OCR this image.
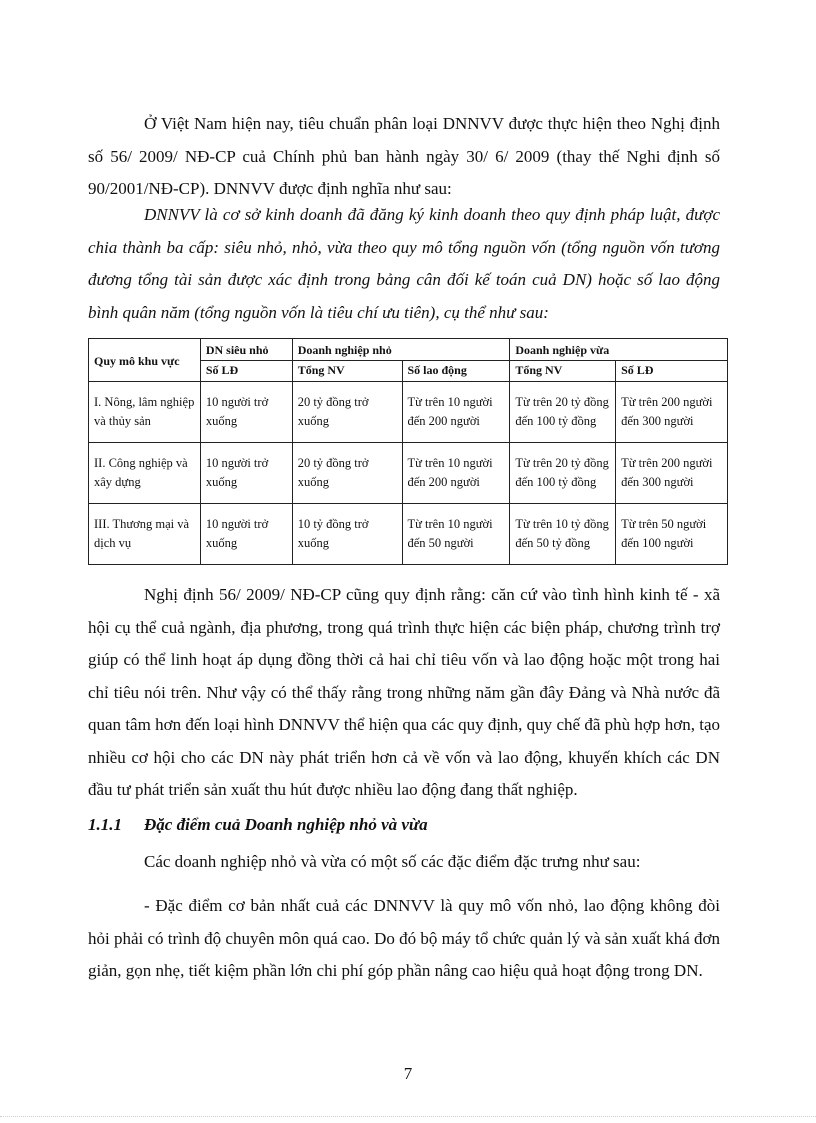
Ở Việt Nam hiện nay, tiêu chuẩn phân loại DNNVV được thực hiện theo Nghị định số 56/ 2009/ NĐ-CP cuả Chính phủ ban hành ngày 30/ 6/ 2009 (thay thế Nghi định số 90/2001/NĐ-CP). DNNVV được định nghĩa như sau:

DNNVV là cơ sở kinh doanh đã đăng ký kinh doanh theo quy định pháp luật, được chia thành ba cấp: siêu nhỏ, nhỏ, vừa theo quy mô tổng nguồn vốn (tổng nguồn vốn tương đương tổng tài sản được xác định trong bảng cân đối kế toán cuả DN) hoặc số lao động bình quân năm (tổng nguồn vốn là tiêu chí ưu tiên), cụ thể như sau:

Quy mô khu vực	DN siêu nhỏ	Doanh nghiệp nhỏ		Doanh nghiệp vừa	
	Số LĐ	Tổng NV	Số lao động	Tổng NV	Số LĐ
I. Nông, lâm nghiệp và thủy sản	10 người trở xuống	20 tỷ đồng trở xuống	Từ trên 10 người đến 200 người	Từ trên 20 tỷ đồng đến 100 tỷ đồng	Từ trên 200 người đến 300 người
II. Công nghiệp và xây dựng	10 người trở xuống	20 tỷ đồng trở xuống	Từ trên 10 người đến 200 người	Từ trên 20 tỷ đồng đến 100 tỷ đồng	Từ trên 200 người đến 300 người
III. Thương mại và dịch vụ	10 người trở xuống	10 tỷ đồng trở xuống	Từ trên 10 người đến 50 người	Từ trên 10 tỷ đồng đến 50 tỷ đồng	Từ trên 50 người đến 100 người

Nghị định 56/ 2009/ NĐ-CP cũng quy định rằng: căn cứ vào tình hình kinh tế - xã hội cụ thể cuả ngành, địa phương, trong quá trình thực hiện các biện pháp, chương trình trợ giúp có thể linh hoạt áp dụng đồng thời cả hai chỉ tiêu vốn và lao động hoặc một trong hai chỉ tiêu nói trên. Như vậy có thể thấy rằng trong những năm gần đây Đảng và Nhà nước đã quan tâm hơn đến loại hình DNNVV thể hiện qua các quy định, quy chế đã phù hợp hơn, tạo nhiều cơ hội cho các DN này phát triển hơn cả về vốn và lao động, khuyến khích các DN đầu tư phát triển sản xuất thu hút được nhiều lao động đang thất nghiệp.

1.1.1 Đặc điểm cuả Doanh nghiệp nhỏ và vừa

Các doanh nghiệp nhỏ và vừa có một số các đặc điểm đặc trưng như sau:

- Đặc điểm cơ bản nhất cuả các DNNVV là quy mô vốn nhỏ, lao động không đòi hỏi phải có trình độ chuyên môn quá cao. Do đó bộ máy tổ chức quản lý và sản xuất khá đơn giản, gọn nhẹ, tiết kiệm phần lớn chi phí góp phần nâng cao hiệu quả hoạt động trong DN.

7
